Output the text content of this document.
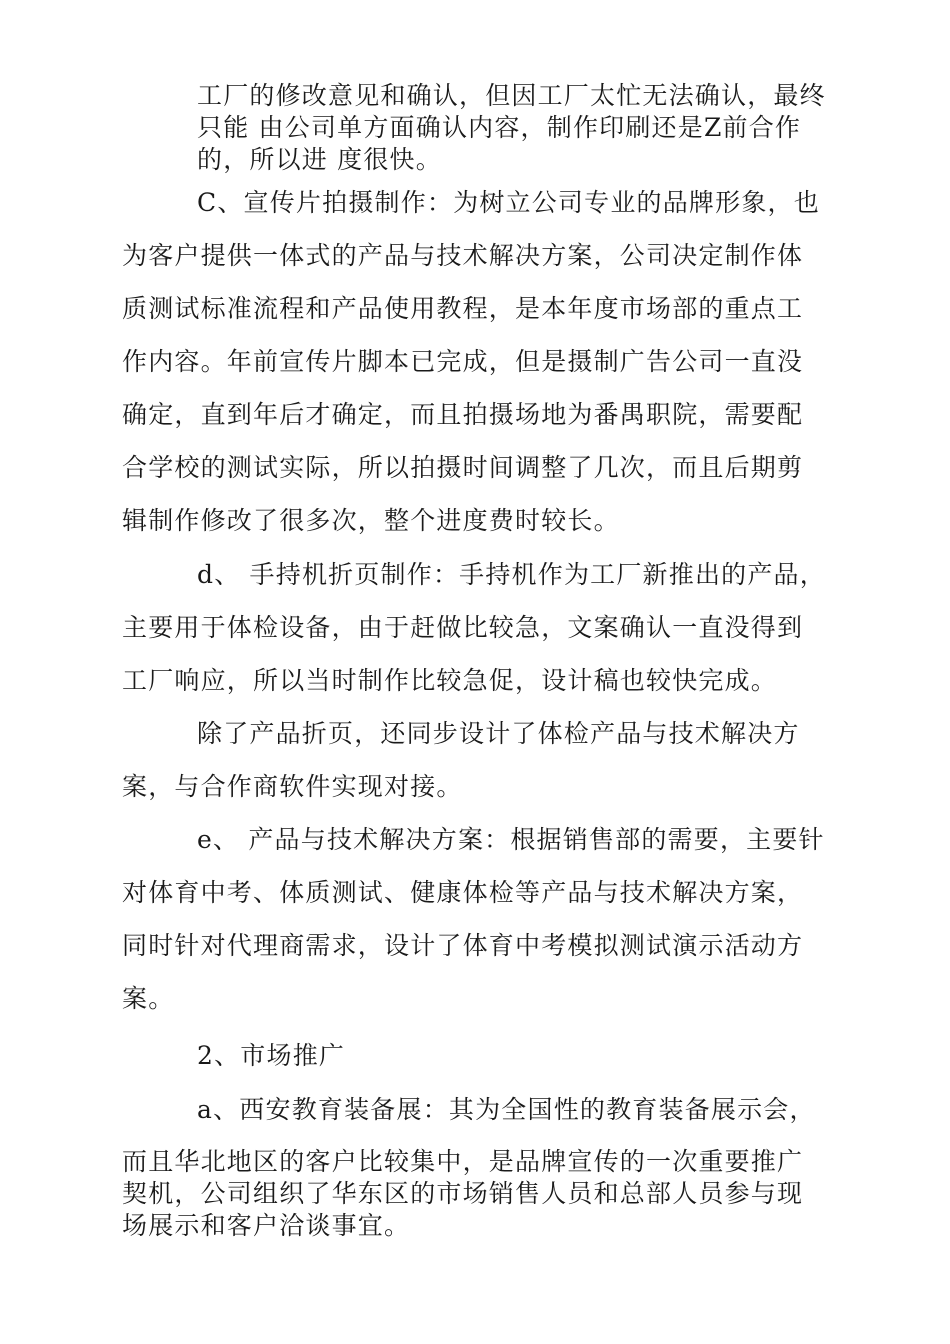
工厂的修改意见和确认，但因工厂太忙无法确认，最终
只能 由公司单方面确认内容，制作印刷还是Z前合作
的，所以进 度很快。
C、宣传片拍摄制作：为树立公司专业的品牌形象，也
为客户提供一体式的产品与技术解决方案，公司决定制作体
质测试标准流程和产品使用教程，是本年度市场部的重点工
作内容。年前宣传片脚本已完成，但是摄制广告公司一直没
确定，直到年后才确定，而且拍摄场地为番禺职院，需要配
合学校的测试实际，所以拍摄时间调整了几次，而且后期剪
辑制作修改了很多次，整个进度费时较长。
d、 手持机折页制作：手持机作为工厂新推出的产品，
主要用于体检设备，由于赶做比较急，文案确认一直没得到
工厂响应，所以当时制作比较急促，设计稿也较快完成。
除了产品折页，还同步设计了体检产品与技术解决方
案，与合作商软件实现对接。
e、 产品与技术解决方案：根据销售部的需要，主要针
对体育中考、体质测试、健康体检等产品与技术解决方案，
同时针对代理商需求，设计了体育中考模拟测试演示活动方
案。
2、市场推广
a、西安教育装备展：其为全国性的教育装备展示会，
而且华北地区的客户比较集中，是品牌宣传的一次重要推广
契机，公司组织了华东区的市场销售人员和总部人员参与现
场展示和客户洽谈事宜。
